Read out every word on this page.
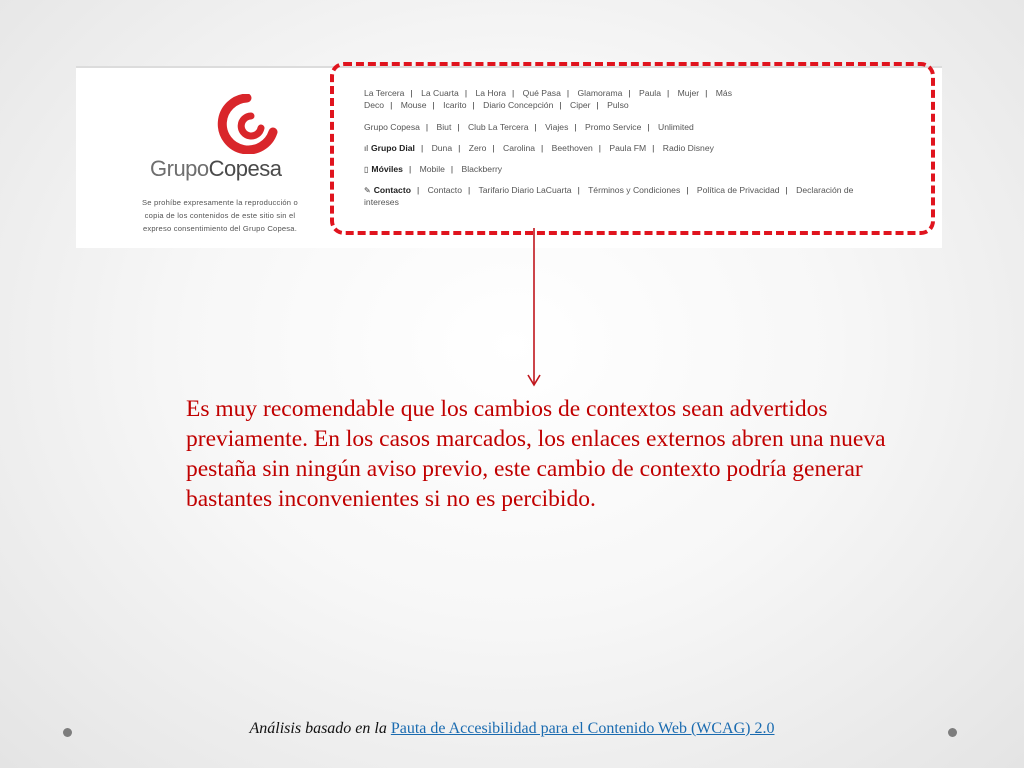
GrupoCopesa
Se prohíbe expresamente la reproducción o copia de los contenidos de este sitio sin el expreso consentimiento del Grupo Copesa.
La Tercera | La Cuarta | La Hora | Qué Pasa | Glamorama | Paula | Mujer | Más
Deco | Mouse | Icarito | Diario Concepción | Ciper | Pulso
Grupo Copesa | Biut | Club La Tercera | Viajes | Promo Service | Unlimited
ıl Grupo Dial | Duna | Zero | Carolina | Beethoven | Paula FM | Radio Disney
▯ Móviles | Mobile | Blackberry
✎ Contacto | Contacto | Tarifario Diario LaCuarta | Términos y Condiciones | Política de Privacidad | Declaración de
intereses
Es muy recomendable que los cambios de contextos sean advertidos previamente. En los casos marcados, los enlaces externos abren una nueva pestaña sin ningún aviso previo, este cambio de contexto podría generar bastantes inconvenientes si no es percibido.
Análisis basado en la Pauta de Accesibilidad para el Contenido Web (WCAG) 2.0
